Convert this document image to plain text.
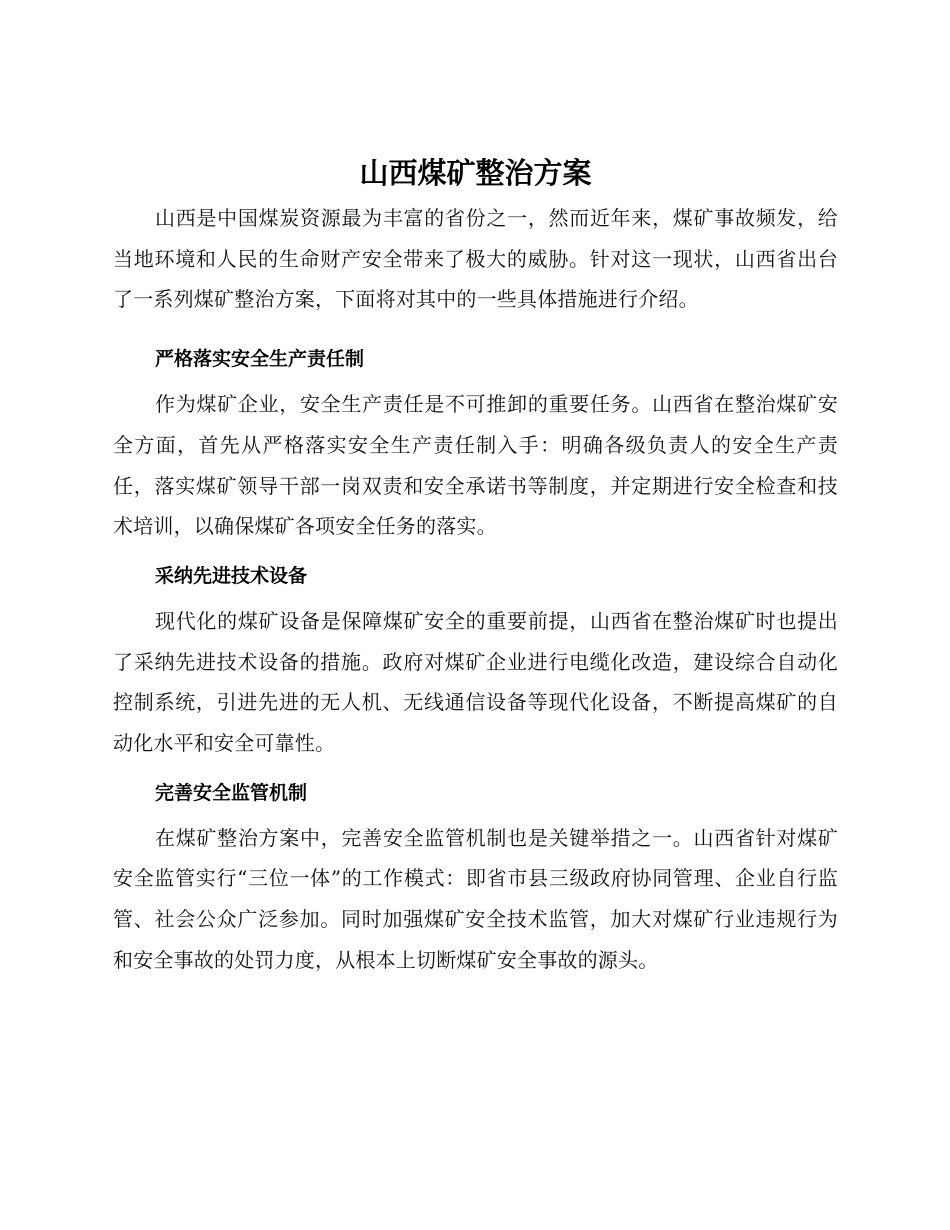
山西煤矿整治方案

山西是中国煤炭资源最为丰富的省份之一，然而近年来，煤矿事故频发，给当地环境和人民的生命财产安全带来了极大的威胁。针对这一现状，山西省出台了一系列煤矿整治方案，下面将对其中的一些具体措施进行介绍。

严格落实安全生产责任制

作为煤矿企业，安全生产责任是不可推卸的重要任务。山西省在整治煤矿安全方面，首先从严格落实安全生产责任制入手：明确各级负责人的安全生产责任，落实煤矿领导干部一岗双责和安全承诺书等制度，并定期进行安全检查和技术培训，以确保煤矿各项安全任务的落实。

采纳先进技术设备

现代化的煤矿设备是保障煤矿安全的重要前提，山西省在整治煤矿时也提出了采纳先进技术设备的措施。政府对煤矿企业进行电缆化改造，建设综合自动化控制系统，引进先进的无人机、无线通信设备等现代化设备，不断提高煤矿的自动化水平和安全可靠性。

完善安全监管机制

在煤矿整治方案中，完善安全监管机制也是关键举措之一。山西省针对煤矿安全监管实行“三位一体”的工作模式：即省市县三级政府协同管理、企业自行监管、社会公众广泛参加。同时加强煤矿安全技术监管，加大对煤矿行业违规行为和安全事故的处罚力度，从根本上切断煤矿安全事故的源头。
